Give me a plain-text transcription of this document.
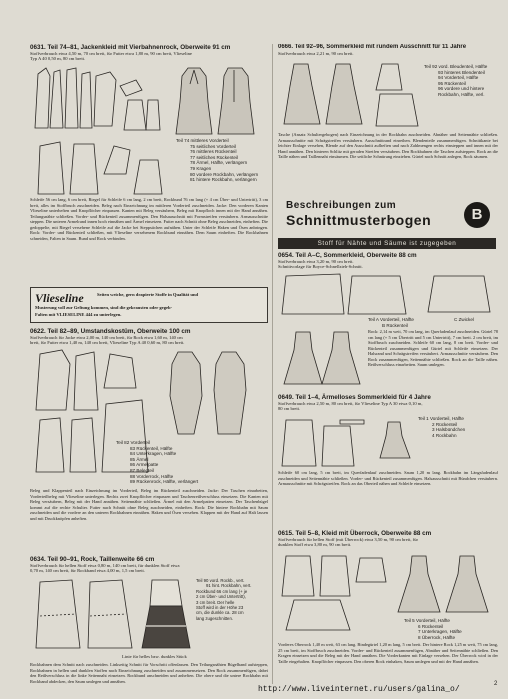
0631. Teil 74–81, Jackenkleid mit Vierbahnenrock, Oberweite 91 cm
Stoffverbrauch etwa 4,50 m, 70 cm breit, für Futter etwa 1,80 m, 90 cm breit, Vlieseline
Typ A 40 0,50 m, 80 cm breit.
Teil 74 mittleres Vorderteil
75 seitliches Vorderteil
76 mittleres Rückenteil
77 seitliches Rückenteil
78 Ärmel, Hälfte, verlängern
79 Kragen
80 vordere Rockbahn, verlängern
81 hintere Rockbahn, verlängern
Schleife 56 cm lang, 6 cm breit, Riegel für Schleife 6 cm lang, 2 cm breit, Rockbund 76 cm lang (+ 4 cm Über- und Untertritt), 3 cm breit, alles im Stoffbruch zuschneiden. Beleg nach Einzeichnung im mittleren Vorderteil zuschneiden. Jacke: Den vorderen Kanten Vlieseline unterheften und Knopflöcher einpassen. Kanten mit Beleg versäubern, Beleg mit Knopfloch innen mit der Hand annähen. Teilungsnähte schließen. Vorder- und Rückenteil zusammenfügen. Den Halsausschnitt mit Formstreifen versäubern. Armausschnitte steppen. Die unteren Armelrand innen hoch einnähen und Ärmel einsetzen. Futter nach Schnitt ohne Beleg zuschneiden, einheften. Die gedoppelte, mit Riegel versehene Schleife auf die Jacke bei Steppstichen aufnähen. Unter der Schleife Haken und Ösen anbringen. Rock: Vorder- und Rückenteil schließen, mit Vlieseline versehenem Rockbund einnähen. Dem Saum einheften. Die Rockbahnen schneiden, Falten in Saum. Bund und Rock verbinden.
Vlieseline	Seiten weiche, gern drapierte Stoffe in Qualität und
Musterung voll zur Geltung kommen, sind die gekrausten oder gegeb-
Falten mit VLIESELINE 444 zu unterlegen.
0622. Teil 82–89, Umstandskostüm, Oberweite 100 cm
Stoffverbrauch für Jacke etwa 2,00 m, 140 cm breit, für Rock etwa 1,60 m, 140 cm
breit, für Futter etwa 1,40 m, 140 cm breit, Vlieseline Typ A 40 0,60 m, 80 cm breit.
Teil 82 Vorderteil
83 Rückenteil, Hälfte
84 Unterkragen, Hälfte
85 Ärmel
86 Armelpatte
87 Belegteil
88 Vorderrock, Hälfte
89 Rückenrock, Hälfte, verlängert
Beleg und Klappenteil nach Einzeichnung im Vorderteil, Beleg im Rückenteil zuschneiden. Jacke: Der Taschen einarbeiten, Vorderteilbeleg mit Vlieseline unterlegen. Rechts zwei Knopflöcher einpassen und Taschenreißverschluss einsetzen. Die Kanten mit Beleg versäubern, Beleg mit der Hand annähen. Seitennähte schließen. Ärmel mit den Armelpatten einsetzen. Der Taschenbügel kommt auf die rechte Schulter. Futter nach Schnitt ohne Beleg zuschneiden, einheften. Rock: Die hintere Rockbahn mit Saum zuschneiden und die vordere an den unteren Rockbahnen einnähen. Haken und Ösen versehen. Klappen mit der Hand auf Halt lassen und mit Druckknöpfen anheften.
0634. Teil 90–91, Rock, Taillenweite 66 cm
Stoffverbrauch für hellen Stoff etwa 0,80 m, 140 cm breit, für dunklen Stoff etwa
0,70 m, 140 cm breit, für Rockband etwa 4,00 m, 1,5 cm breit.
Teil 90 vord. Rockb., vert.
91 hint. Rockbahn, vert.
Rockbund 66 cm lang (+ je
2 cm Über- und Untertritt),
3 cm breit. Der helle
Stoff wird in der Höhe 23
cm, die dunkle ca. 28 cm
lang zugeschnitten.
Linie für helles bzw. dunkles Stück
Rockbahnen dem Schnitt nach zuschneiden. Linkseitig Schnitt für Vorschritt offenlassen. Den Teilungsnähten Bügelband aufsteppen, Rockbahnen in hellen und dunklen Stoffen nach Einzeichnung zuschneiden und zusammensetzen. Den Rock zusammenfügen, dabei den Reißverschluss in die linke Seitennaht einsetzen. Rockbund anschneiden und anheften. Die obere und die untere Rockbahn mit Rockband abdecken, den Saum umlegen und annähen.
0666. Teil 92–96, Sommerkleid mit rundem Ausschnitt für 11 Jahre
Stoffverbrauch etwa 2,21 m, 90 cm breit.
Teil 92 vord. Bleudenteil, Hälfte
93 hinteres Blendenteil
94 Vorderteil, Hälfte
95 Rückenteil
96 vordere und hintere
Rockbahn, Hälfte, verl.
Tasche (Ansatz Schultergebogen) nach Einzeichnung in der Rockbahn zuschneiden. Abnäher und Seitennähte schließen. Armausschnitte mit Schrägstreifen versäubern. Ausschnittrand einreihen. Blendenteile zusammenfügen. Schnittkante bei leichter Einlage versehen, Blende auf den Ausschnitt aufheften und nach Zahlmengen rechts einsteppen und innen mit der Hand annähen. Den hinteren Schlitz mit geraden Streifen versäubern. Den Rockbahnen die Taschen aufsteppen. Rock an die Taille nähen und Taillennaht einsäumen. Die seitliche Schnürung einziehen. Gürtel nach Schnitt anlegen, Rock säumen.
Beschreibungen zum
Schnittmusterbogen	B
Stoff für Nähte und Säume ist zugegeben
0654. Teil A–C, Sommerkleid, Oberweite 88 cm
Stoffverbrauch etwa 3,20 m, 90 cm breit.
Schnittvorlage für Boyce-Schnellzieh-Schnitt.
Teil A Vorderteil, Hälfte
B Rückenteil
C Zwickel
Rock: 2,14 m weit, 70 cm lang, im Querfadenlauf zuschneiden. Gürtel 78 cm lang (+ 5 cm Übertritt und 5 cm Untertritt), 7 cm breit. 2 cm breit, im Stoffbruch zuschneiden. Schleife 60 cm lang, 8 cm breit. Vorder- und Rückenteil zusammenfügen und Gürtel mit Schleife einsetzen. Der Halsrand und Schrägstreifen versäubert. Armausschnitte versäubern. Den Rock zusammenfügen, Seitennähte schließen. Rock an die Taille nähen. Reißverschluss einarbeiten. Saum umlegen.
0649. Teil 1–4, Ärmelloses Sommerkleid für 4 Jahre
Stoffverbrauch etwa 2,50 m, 80 cm breit, für Vlieseline Typ A 30 etwa 0,10 m,
80 cm breit.
Teil 1 Vorderteil, Hälfte
2 Rückenteil
3 Halsbündchen
4 Rockbahn
Schleife 60 cm lang, 5 cm breit, im Querfadenlauf zuschneiden. Saum 1,20 m lang. Rockbahn im Längsfadenlauf zuschneiden und Seitennähte schließen. Vorder- und Rückenteil zusammenfügen. Halsausschnitt mit Bündchen versäubern. Armausschnitte mit Schrägstreifen. Rock an das Oberteil nähen und Schleife einsetzen.
0615. Teil 5–8, Kleid mit Überrock, Oberweite 88 cm
Stoffverbrauch für hellen Stoff (mit Überrock) etwa 3,50 m, 90 cm breit, für
dunklen Stoff etwa 3,80 m, 90 cm breit.
Teil 5 Vorderteil, Hälfte
6 Rückenteil
7 Unterkragen, Hälfte
8 Überrock, Hälfte
Vorderes Oberrock 1,40 m weit, 63 cm lang. Bindegürtel 1,20 m lang, 5 cm breit. Der hintere Rock 1,25 m weit, 75 cm lang, 25 cm breit, im Stoffbruch zuschneiden. Vorder- und Rückenteil zusammenfügen, Abnäher und Seitennähte schließen. Den Kragen einsetzen und die Beleg mit der Hand annähen. Die Vorderkanten mit Einlage versehen. Der Überrock wird in der Taille eingehalten. Knopflöcher einpassen. Den oberen Rock einhaken, Saum umlegen und mit der Hand annähen.
http://www.liveinternet.ru/users/galina_o/
2
